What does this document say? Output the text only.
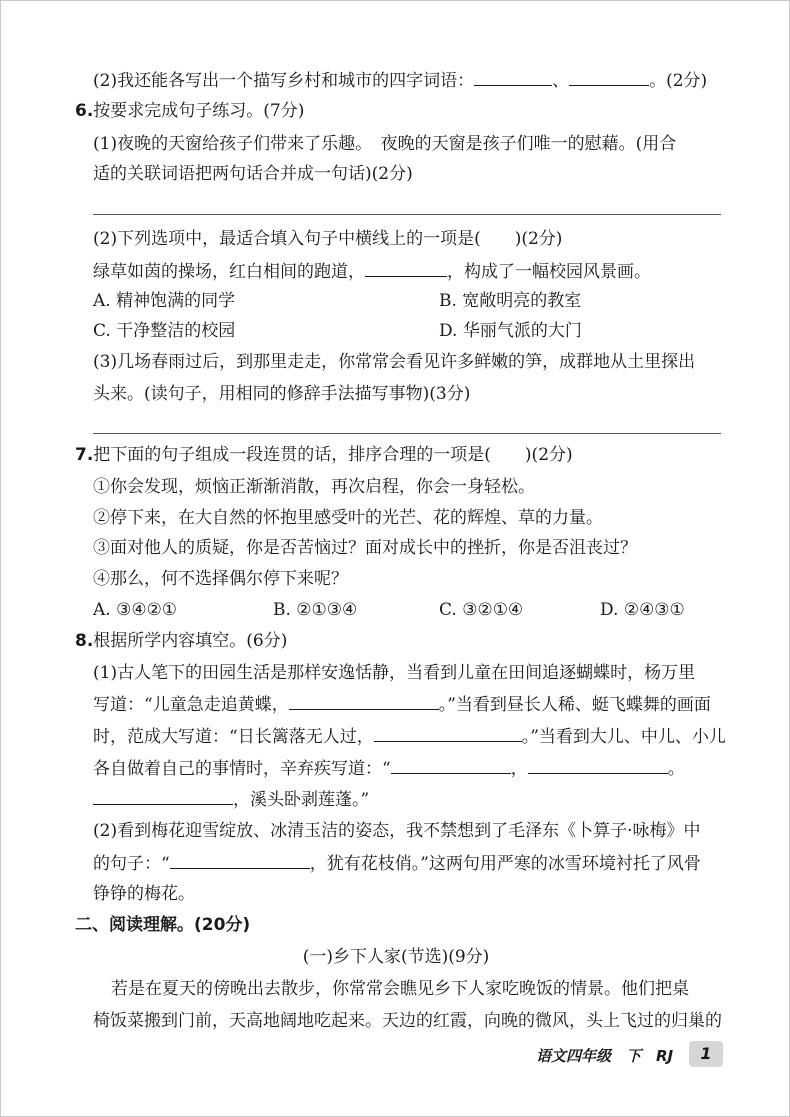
(2)我还能各写出一个描写乡村和城市的四字词语：	、	。(2分)
6.按要求完成句子练习。(7分)
(1)夜晚的天窗给孩子们带来了乐趣。　夜晚的天窗是孩子们唯一的慰藉。(用合
适的关联词语把两句话合并成一句话)(2分)
(2)下列选项中，最适合填入句子中横线上的一项是(　　)(2分)
绿草如茵的操场，红白相间的跑道，	，构成了一幅校园风景画。
A. 精神饱满的同学	B. 宽敞明亮的教室
C. 干净整洁的校园	D. 华丽气派的大门
(3)几场春雨过后，到那里走走，你常常会看见许多鲜嫩的笋，成群地从土里探出
头来。(读句子，用相同的修辞手法描写事物)(3分)
7.把下面的句子组成一段连贯的话，排序合理的一项是(　　)(2分)
①你会发现，烦恼正渐渐消散，再次启程，你会一身轻松。
②停下来，在大自然的怀抱里感受叶的光芒、花的辉煌、草的力量。
③面对他人的质疑，你是否苦恼过？面对成长中的挫折，你是否沮丧过？
④那么，何不选择偶尔停下来呢？
A. ③④②①	B. ②①③④	C. ③②①④	D. ②④③①
8.根据所学内容填空。(6分)
(1)古人笔下的田园生活是那样安逸恬静，当看到儿童在田间追逐蝴蝶时，杨万里
写道：“儿童急走追黄蝶，	。”当看到昼长人稀、蜓飞蝶舞的画面
时，范成大写道：“日长篱落无人过，	。”当看到大儿、中儿、小儿
各自做着自己的事情时，辛弃疾写道：“	，	。
，溪头卧剥莲蓬。”
(2)看到梅花迎雪绽放、冰清玉洁的姿态，我不禁想到了毛泽东《卜算子·咏梅》中
的句子：“	，犹有花枝俏。”这两句用严寒的冰雪环境衬托了风骨
铮铮的梅花。
二、阅读理解。(20分)
(一)乡下人家(节选)(9分)
若是在夏天的傍晚出去散步，你常常会瞧见乡下人家吃晚饭的情景。他们把桌
椅饭菜搬到门前，天高地阔地吃起来。天边的红霞，向晚的微风，头上飞过的归巢的
语文四年级　下　RJ	1
